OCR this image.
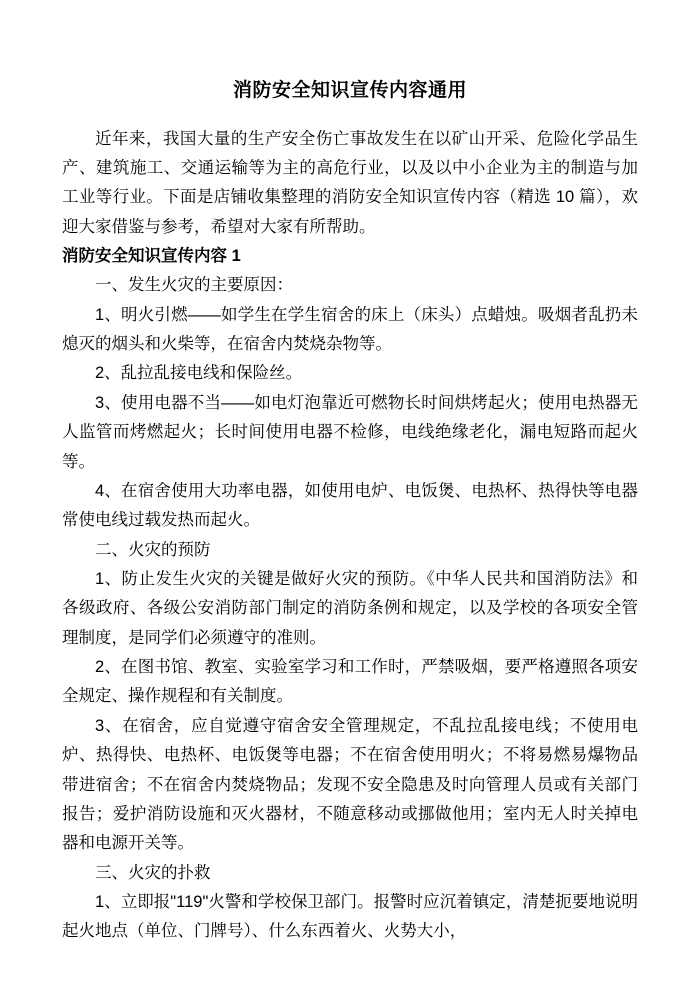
消防安全知识宣传内容通用

近年来，我国大量的生产安全伤亡事故发生在以矿山开采、危险化学品生产、建筑施工、交通运输等为主的高危行业，以及以中小企业为主的制造与加工业等行业。下面是店铺收集整理的消防安全知识宣传内容（精选 10 篇），欢迎大家借鉴与参考，希望对大家有所帮助。

消防安全知识宣传内容 1

一、发生火灾的主要原因：

1、明火引燃——如学生在学生宿舍的床上（床头）点蜡烛。吸烟者乱扔未熄灭的烟头和火柴等，在宿舍内焚烧杂物等。

2、乱拉乱接电线和保险丝。

3、使用电器不当——如电灯泡靠近可燃物长时间烘烤起火；使用电热器无人监管而烤燃起火；长时间使用电器不检修，电线绝缘老化，漏电短路而起火等。

4、在宿舍使用大功率电器，如使用电炉、电饭煲、电热杯、热得快等电器常使电线过载发热而起火。

二、火灾的预防

1、防止发生火灾的关键是做好火灾的预防。《中华人民共和国消防法》和各级政府、各级公安消防部门制定的消防条例和规定，以及学校的各项安全管理制度，是同学们必须遵守的准则。

2、在图书馆、教室、实验室学习和工作时，严禁吸烟，要严格遵照各项安全规定、操作规程和有关制度。

3、在宿舍，应自觉遵守宿舍安全管理规定，不乱拉乱接电线；不使用电炉、热得快、电热杯、电饭煲等电器；不在宿舍使用明火；不将易燃易爆物品带进宿舍；不在宿舍内焚烧物品；发现不安全隐患及时向管理人员或有关部门报告；爱护消防设施和灭火器材，不随意移动或挪做他用；室内无人时关掉电器和电源开关等。

三、火灾的扑救

1、立即报"119"火警和学校保卫部门。报警时应沉着镇定，清楚扼要地说明起火地点（单位、门牌号）、什么东西着火、火势大小，
